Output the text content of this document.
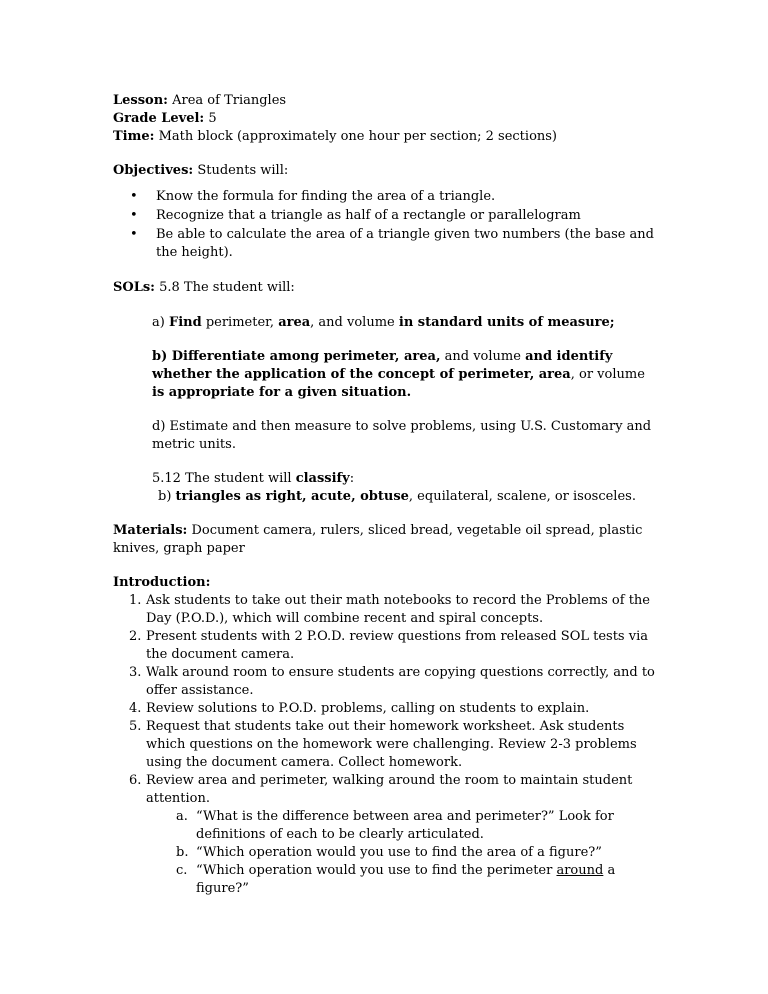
Lesson: Area of Triangles

Grade Level: 5

Time: Math block (approximately one hour per section; 2 sections)

Objectives: Students will:

• Know the formula for finding the area of a triangle.
• Recognize that a triangle as half of a rectangle or parallelogram
• Be able to calculate the area of a triangle given two numbers (the base and the height).

SOLs: 5.8 The student will:

a) Find perimeter, area, and volume in standard units of measure;

b) Differentiate among perimeter, area, and volume and identify whether the application of the concept of perimeter, area, or volume is appropriate for a given situation.

d) Estimate and then measure to solve problems, using U.S. Customary and metric units.

5.12 The student will classify:

b) triangles as right, acute, obtuse, equilateral, scalene, or isosceles.

Materials: Document camera, rulers, sliced bread, vegetable oil spread, plastic knives, graph paper

Introduction:

1. Ask students to take out their math notebooks to record the Problems of the Day (P.O.D.), which will combine recent and spiral concepts.
2. Present students with 2 P.O.D. review questions from released SOL tests via the document camera.
3. Walk around room to ensure students are copying questions correctly, and to offer assistance.
4. Review solutions to P.O.D. problems, calling on students to explain.
5. Request that students take out their homework worksheet. Ask students which questions on the homework were challenging. Review 2-3 problems using the document camera. Collect homework.
6. Review area and perimeter, walking around the room to maintain student attention.
a. “What is the difference between area and perimeter?” Look for definitions of each to be clearly articulated.
b. “Which operation would you use to find the area of a figure?”
c. “Which operation would you use to find the perimeter around a figure?”
